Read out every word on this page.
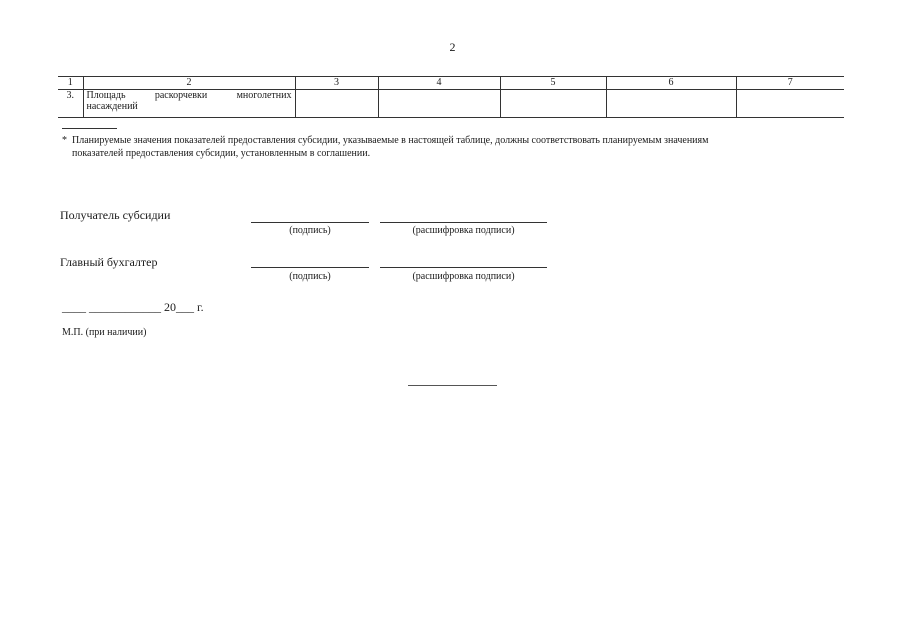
2
1	2	3	4	5	6	7
3.	Площадь раскорчевки многолетних насаждений					
* Планируемые значения показателей предоставления субсидии, указываемые в настоящей таблице, должны соответствовать планируемым значениям
показателей предоставления субсидии, установленным в соглашении.
Получатель субсидии
(подпись)	(расшифровка подписи)
Главный бухгалтер
(подпись)	(расшифровка подписи)
____ ____________ 20___ г.
М.П. (при наличии)
